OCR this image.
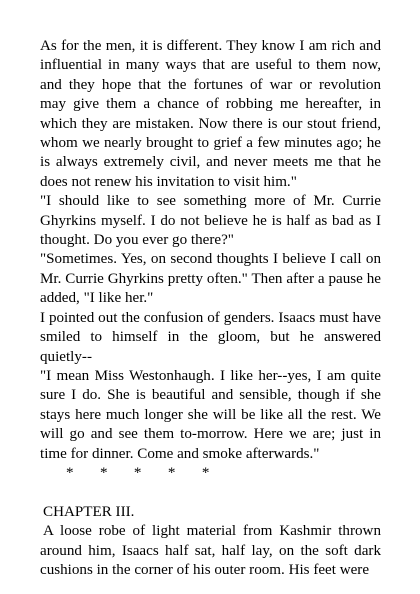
As for the men, it is different. They know I am rich and influential in many ways that are useful to them now, and they hope that the fortunes of war or revolution may give them a chance of robbing me hereafter, in which they are mistaken. Now there is our stout friend, whom we nearly brought to grief a few minutes ago; he is always extremely civil, and never meets me that he does not renew his invitation to visit him."

"I should like to see something more of Mr. Currie Ghyrkins myself. I do not believe he is half as bad as I thought. Do you ever go there?"

"Sometimes. Yes, on second thoughts I believe I call on Mr. Currie Ghyrkins pretty often." Then after a pause he added, "I like her."

I pointed out the confusion of genders. Isaacs must have smiled to himself in the gloom, but he answered quietly--

"I mean Miss Westonhaugh. I like her--yes, I am quite sure I do. She is beautiful and sensible, though if she stays here much longer she will be like all the rest. We will go and see them to-morrow. Here we are; just in time for dinner. Come and smoke afterwards."

*       *       *       *       *

CHAPTER III.

A loose robe of light material from Kashmir thrown around him, Isaacs half sat, half lay, on the soft dark cushions in the corner of his outer room. His feet were
